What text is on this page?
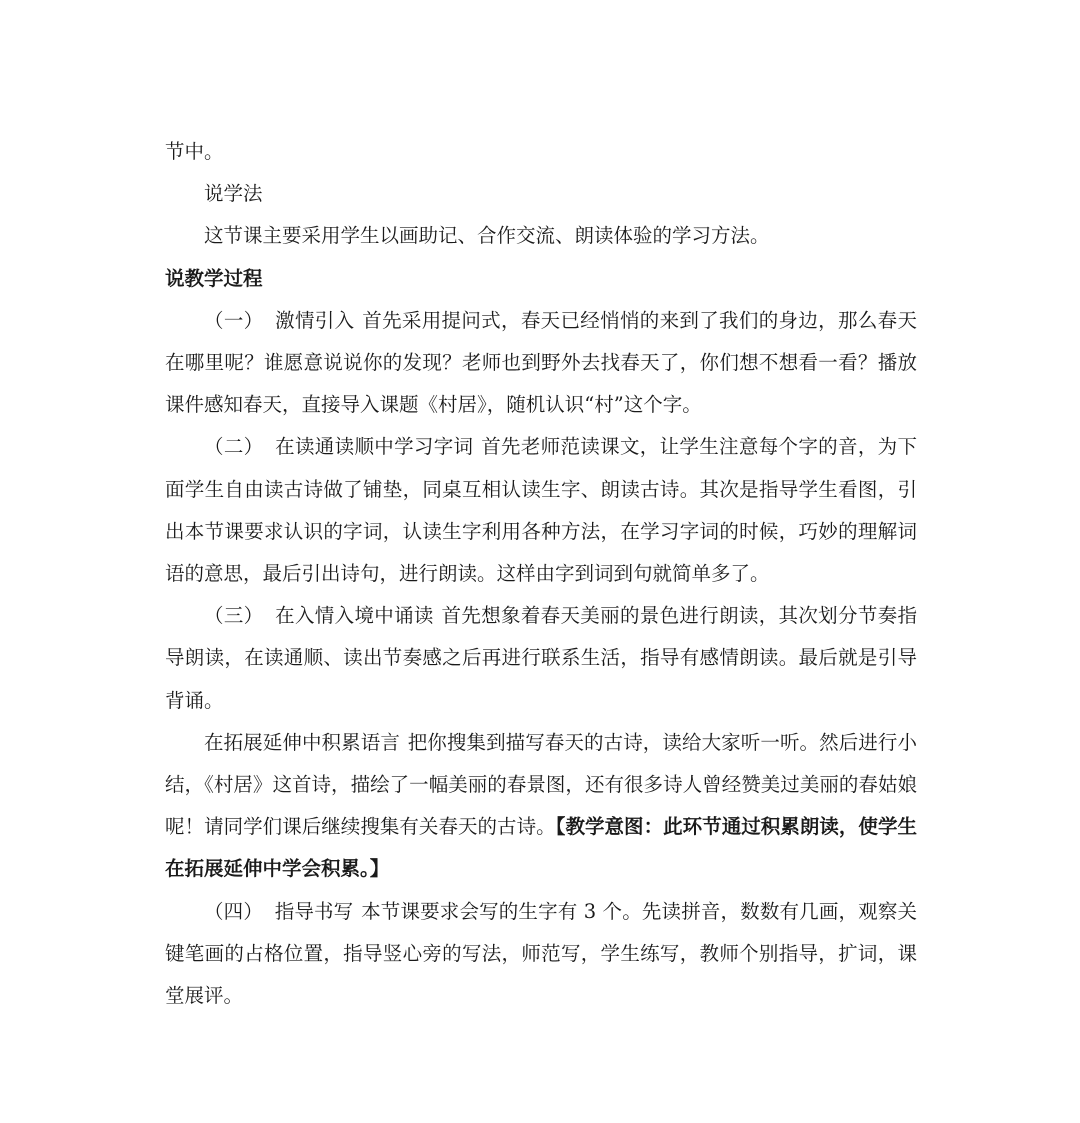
节中。

说学法

这节课主要采用学生以画助记、合作交流、朗读体验的学习方法。

说教学过程

（一） 激情引入 首先采用提问式，春天已经悄悄的来到了我们的身边，那么春天在哪里呢？谁愿意说说你的发现？老师也到野外去找春天了，你们想不想看一看？播放课件感知春天，直接导入课题《村居》，随机认识“村”这个字。

（二） 在读通读顺中学习字词 首先老师范读课文，让学生注意每个字的音，为下面学生自由读古诗做了铺垫，同桌互相认读生字、朗读古诗。其次是指导学生看图，引出本节课要求认识的字词，认读生字利用各种方法，在学习字词的时候，巧妙的理解词语的意思，最后引出诗句，进行朗读。这样由字到词到句就简单多了。

（三） 在入情入境中诵读 首先想象着春天美丽的景色进行朗读，其次划分节奏指导朗读，在读通顺、读出节奏感之后再进行联系生活，指导有感情朗读。最后就是引导背诵。

在拓展延伸中积累语言 把你搜集到描写春天的古诗，读给大家听一听。然后进行小结，《村居》这首诗，描绘了一幅美丽的春景图，还有很多诗人曾经赞美过美丽的春姑娘呢！请同学们课后继续搜集有关春天的古诗。【教学意图：此环节通过积累朗读，使学生在拓展延伸中学会积累。】

（四） 指导书写 本节课要求会写的生字有 3 个。先读拼音，数数有几画，观察关键笔画的占格位置，指导竖心旁的写法，师范写，学生练写，教师个别指导，扩词，课堂展评。
